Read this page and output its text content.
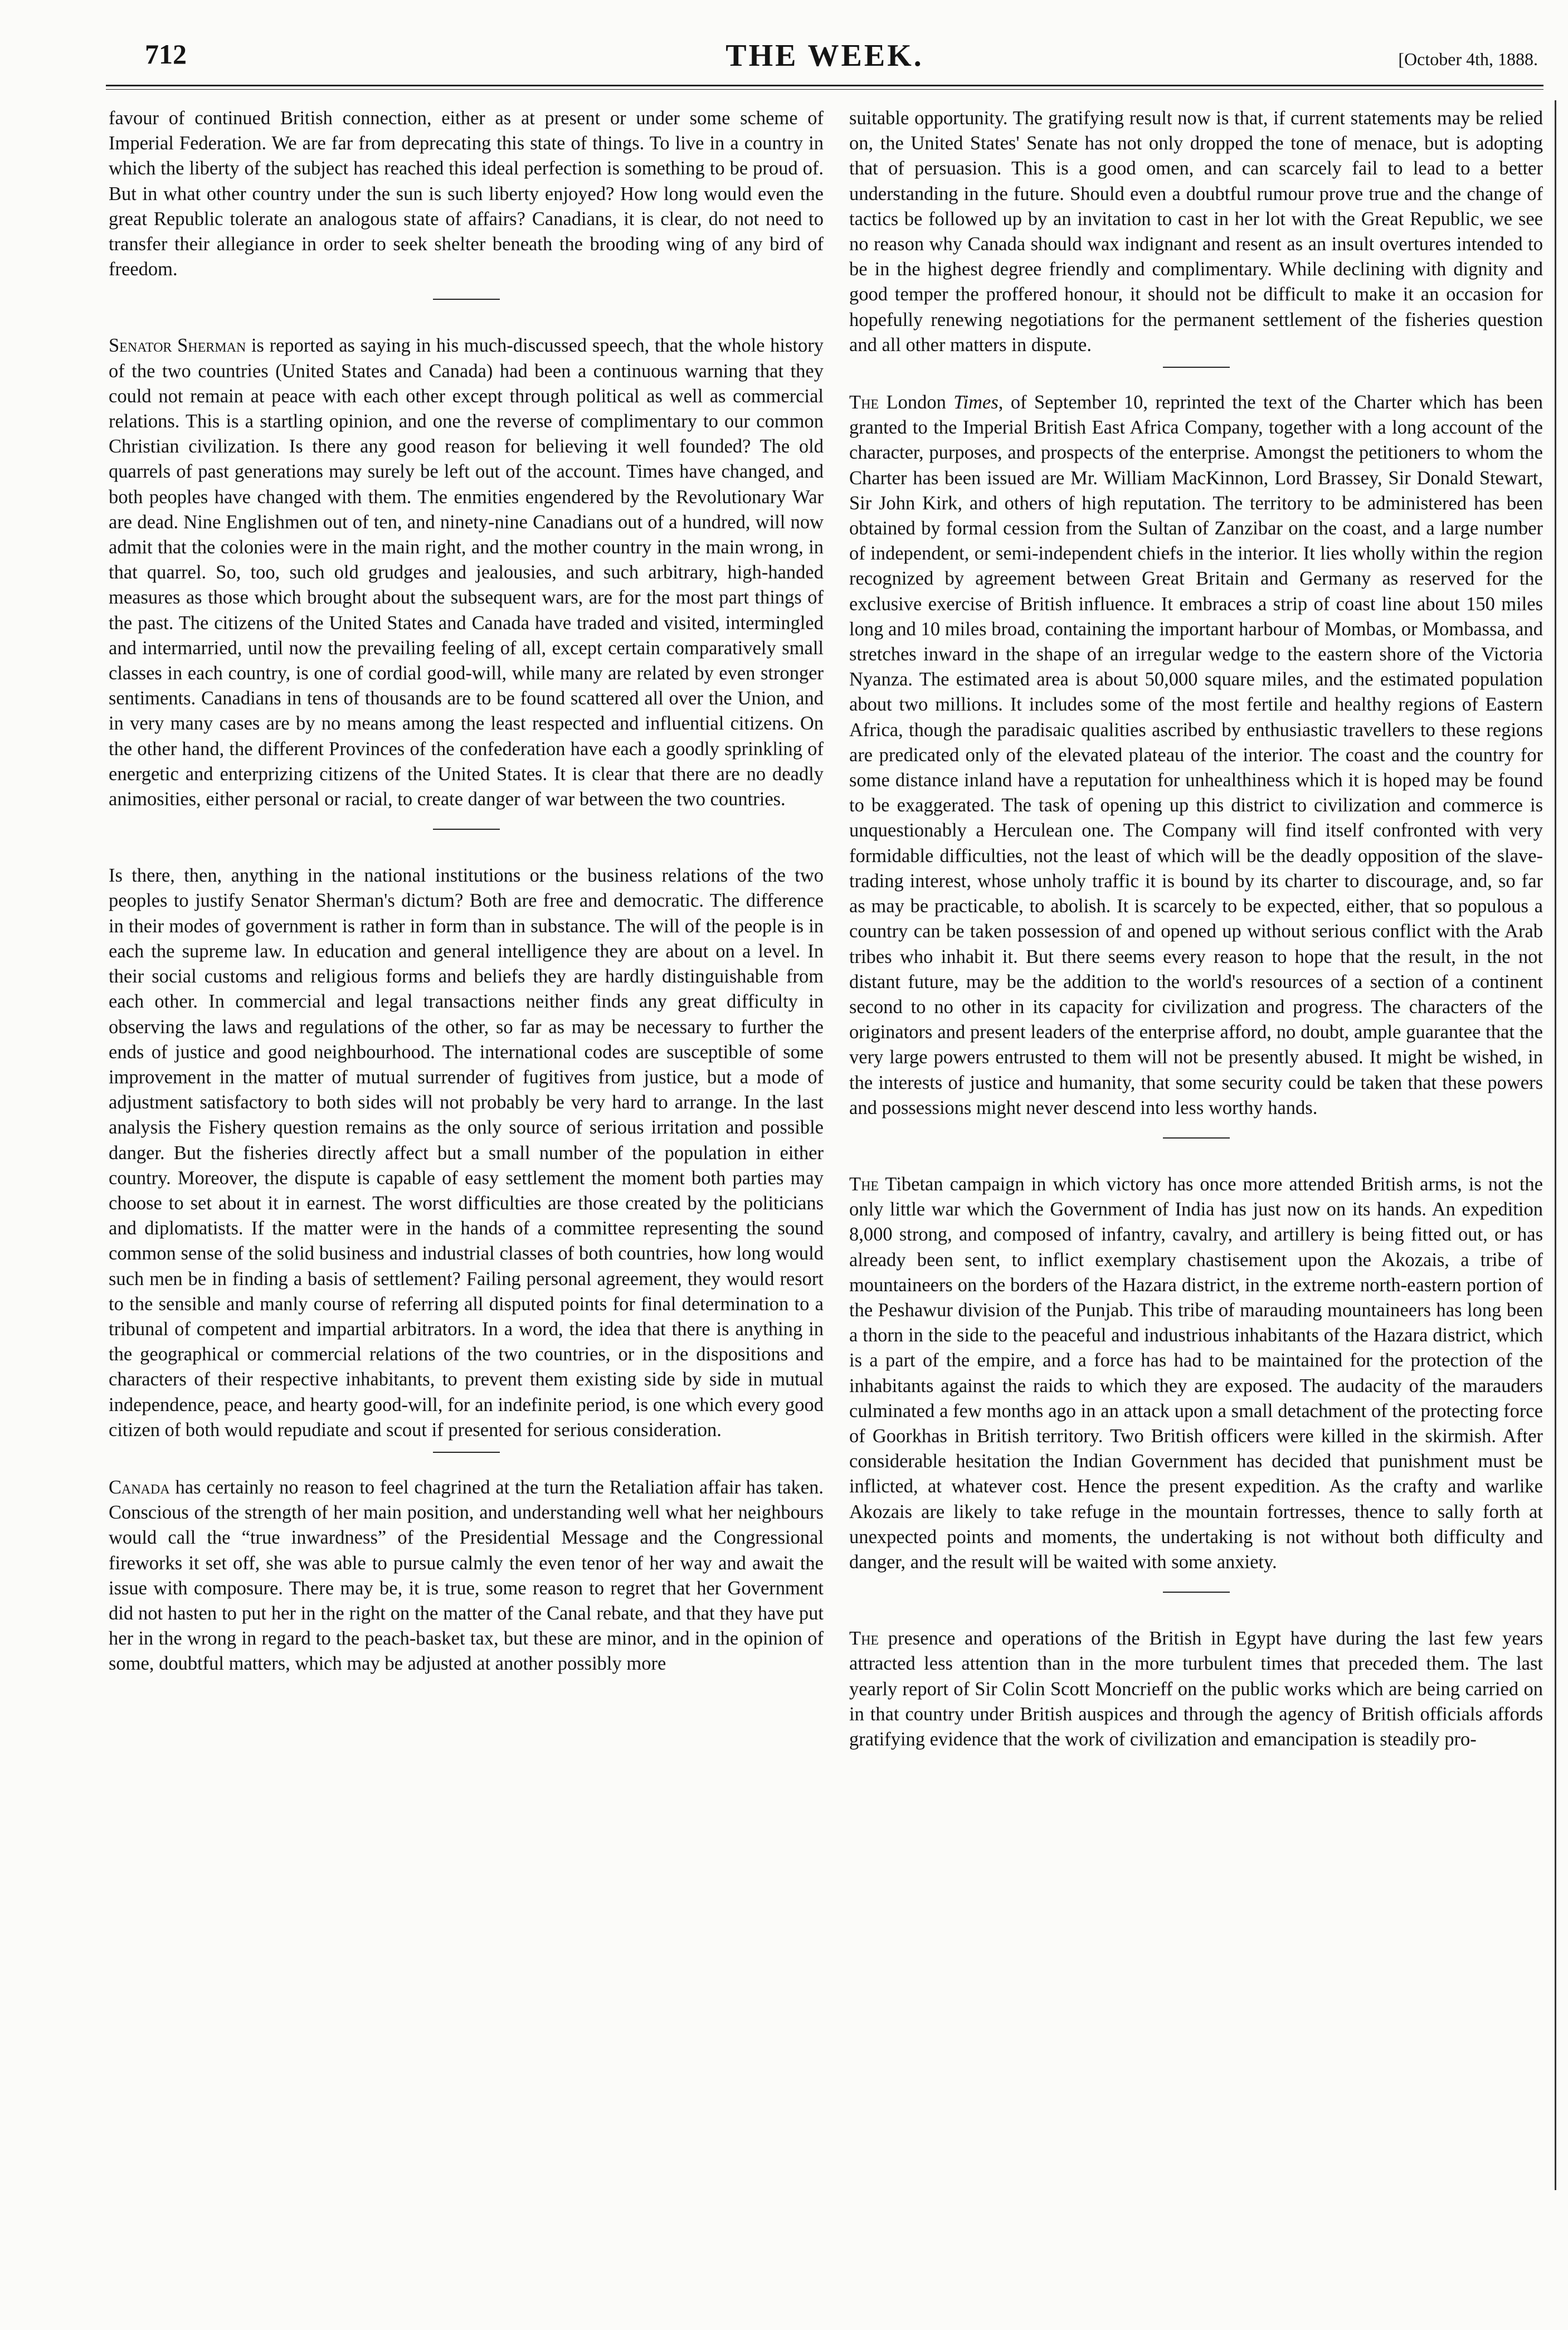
712	THE WEEK.	[October 4th, 1888.

favour of continued British connection, either as at present or under some scheme of Imperial Federation. We are far from deprecating this state of things. To live in a country in which the liberty of the subject has reached this ideal perfection is something to be proud of. But in what other country under the sun is such liberty enjoyed? How long would even the great Republic tolerate an analogous state of affairs? Canadians, it is clear, do not need to transfer their allegiance in order to seek shelter beneath the brooding wing of any bird of freedom.

Senator Sherman is reported as saying in his much-discussed speech, that the whole history of the two countries (United States and Canada) had been a continuous warning that they could not remain at peace with each other except through political as well as commercial relations. This is a startling opinion, and one the reverse of complimentary to our common Christian civilization. Is there any good reason for believing it well founded? The old quarrels of past generations may surely be left out of the account. Times have changed, and both peoples have changed with them. The enmities engendered by the Revolutionary War are dead. Nine Englishmen out of ten, and ninety-nine Canadians out of a hundred, will now admit that the colonies were in the main right, and the mother country in the main wrong, in that quarrel. So, too, such old grudges and jealousies, and such arbitrary, high-handed measures as those which brought about the subsequent wars, are for the most part things of the past. The citizens of the United States and Canada have traded and visited, intermingled and intermarried, until now the prevailing feeling of all, except certain comparatively small classes in each country, is one of cordial good-will, while many are related by even stronger sentiments. Canadians in tens of thousands are to be found scattered all over the Union, and in very many cases are by no means among the least respected and influential citizens. On the other hand, the different Provinces of the confederation have each a goodly sprinkling of energetic and enterprizing citizens of the United States. It is clear that there are no deadly animosities, either personal or racial, to create danger of war between the two countries.

Is there, then, anything in the national institutions or the business relations of the two peoples to justify Senator Sherman's dictum? Both are free and democratic. The difference in their modes of government is rather in form than in substance. The will of the people is in each the supreme law. In education and general intelligence they are about on a level. In their social customs and religious forms and beliefs they are hardly distinguishable from each other. In commercial and legal transactions neither finds any great difficulty in observing the laws and regulations of the other, so far as may be necessary to further the ends of justice and good neighbourhood. The international codes are susceptible of some improvement in the matter of mutual surrender of fugitives from justice, but a mode of adjustment satisfactory to both sides will not probably be very hard to arrange. In the last analysis the Fishery question remains as the only source of serious irritation and possible danger. But the fisheries directly affect but a small number of the population in either country. Moreover, the dispute is capable of easy settlement the moment both parties may choose to set about it in earnest. The worst difficulties are those created by the politicians and diplomatists. If the matter were in the hands of a committee representing the sound common sense of the solid business and industrial classes of both countries, how long would such men be in finding a basis of settlement? Failing personal agreement, they would resort to the sensible and manly course of referring all disputed points for final determination to a tribunal of competent and impartial arbitrators. In a word, the idea that there is anything in the geographical or commercial relations of the two countries, or in the dispositions and characters of their respective inhabitants, to prevent them existing side by side in mutual independence, peace, and hearty good-will, for an indefinite period, is one which every good citizen of both would repudiate and scout if presented for serious consideration.

Canada has certainly no reason to feel chagrined at the turn the Retaliation affair has taken. Conscious of the strength of her main position, and understanding well what her neighbours would call the “true inwardness” of the Presidential Message and the Congressional fireworks it set off, she was able to pursue calmly the even tenor of her way and await the issue with composure. There may be, it is true, some reason to regret that her Government did not hasten to put her in the right on the matter of the Canal rebate, and that they have put her in the wrong in regard to the peach-basket tax, but these are minor, and in the opinion of some, doubtful matters, which may be adjusted at another possibly more

suitable opportunity. The gratifying result now is that, if current statements may be relied on, the United States' Senate has not only dropped the tone of menace, but is adopting that of persuasion. This is a good omen, and can scarcely fail to lead to a better understanding in the future. Should even a doubtful rumour prove true and the change of tactics be followed up by an invitation to cast in her lot with the Great Republic, we see no reason why Canada should wax indignant and resent as an insult overtures intended to be in the highest degree friendly and complimentary. While declining with dignity and good temper the proffered honour, it should not be difficult to make it an occasion for hopefully renewing negotiations for the permanent settlement of the fisheries question and all other matters in dispute.

The London Times, of September 10, reprinted the text of the Charter which has been granted to the Imperial British East Africa Company, together with a long account of the character, purposes, and prospects of the enterprise. Amongst the petitioners to whom the Charter has been issued are Mr. William MacKinnon, Lord Brassey, Sir Donald Stewart, Sir John Kirk, and others of high reputation. The territory to be administered has been obtained by formal cession from the Sultan of Zanzibar on the coast, and a large number of independent, or semi-independent chiefs in the interior. It lies wholly within the region recognized by agreement between Great Britain and Germany as reserved for the exclusive exercise of British influence. It embraces a strip of coast line about 150 miles long and 10 miles broad, containing the important harbour of Mombas, or Mombassa, and stretches inward in the shape of an irregular wedge to the eastern shore of the Victoria Nyanza. The estimated area is about 50,000 square miles, and the estimated population about two millions. It includes some of the most fertile and healthy regions of Eastern Africa, though the paradisaic qualities ascribed by enthusiastic travellers to these regions are predicated only of the elevated plateau of the interior. The coast and the country for some distance inland have a reputation for unhealthiness which it is hoped may be found to be exaggerated. The task of opening up this district to civilization and commerce is unquestionably a Herculean one. The Company will find itself confronted with very formidable difficulties, not the least of which will be the deadly opposition of the slave-trading interest, whose unholy traffic it is bound by its charter to discourage, and, so far as may be practicable, to abolish. It is scarcely to be expected, either, that so populous a country can be taken possession of and opened up without serious conflict with the Arab tribes who inhabit it. But there seems every reason to hope that the result, in the not distant future, may be the addition to the world's resources of a section of a continent second to no other in its capacity for civilization and progress. The characters of the originators and present leaders of the enterprise afford, no doubt, ample guarantee that the very large powers entrusted to them will not be presently abused. It might be wished, in the interests of justice and humanity, that some security could be taken that these powers and possessions might never descend into less worthy hands.

The Tibetan campaign in which victory has once more attended British arms, is not the only little war which the Government of India has just now on its hands. An expedition 8,000 strong, and composed of infantry, cavalry, and artillery is being fitted out, or has already been sent, to inflict exemplary chastisement upon the Akozais, a tribe of mountaineers on the borders of the Hazara district, in the extreme north-eastern portion of the Peshawur division of the Punjab. This tribe of marauding mountaineers has long been a thorn in the side to the peaceful and industrious inhabitants of the Hazara district, which is a part of the empire, and a force has had to be maintained for the protection of the inhabitants against the raids to which they are exposed. The audacity of the marauders culminated a few months ago in an attack upon a small detachment of the protecting force of Goorkhas in British territory. Two British officers were killed in the skirmish. After considerable hesitation the Indian Government has decided that punishment must be inflicted, at whatever cost. Hence the present expedition. As the crafty and warlike Akozais are likely to take refuge in the mountain fortresses, thence to sally forth at unexpected points and moments, the undertaking is not without both difficulty and danger, and the result will be waited with some anxiety.

The presence and operations of the British in Egypt have during the last few years attracted less attention than in the more turbulent times that preceded them. The last yearly report of Sir Colin Scott Moncrieff on the public works which are being carried on in that country under British auspices and through the agency of British officials affords gratifying evidence that the work of civilization and emancipation is steadily pro-
